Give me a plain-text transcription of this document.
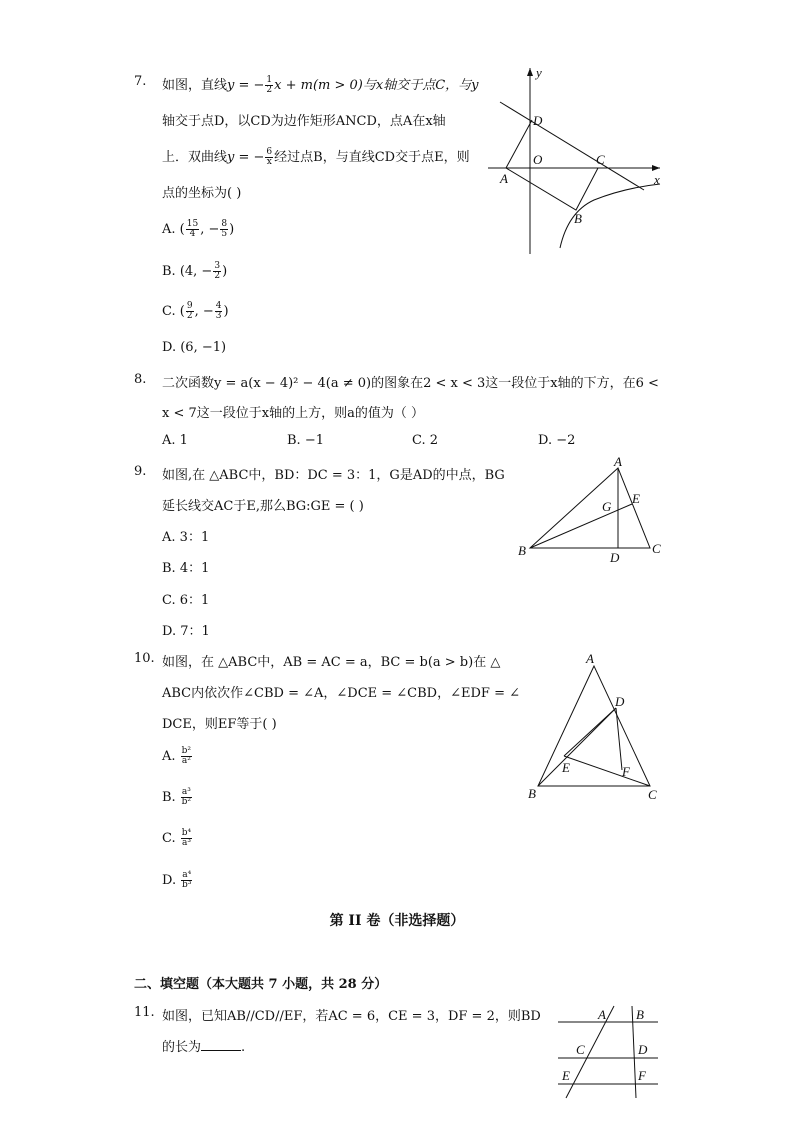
7. 如图，直线y = − $\frac{1}{2}$ x + m(m > 0)与x轴交于点C，与y
轴交于点D，以CD为边作矩形ANCD，点A在x轴
上．双曲线y = − $\frac{6}{x}$ 经过点B，与直线CD交于点E，则
点的坐标为( )
A. ( $\frac{15}{4}$ , − $\frac{8}{5}$ )
B. (4, − $\frac{3}{2}$ )
C. ( $\frac{9}{2}$ , − $\frac{4}{3}$ )
D. (6, −1)
y
x
D
O	C
A
B
8. 二次函数y = a(x − 4)² − 4(a ≠ 0)的图象在2 < x < 3这一段位于x轴的下方，在6 <
x < 7这一段位于x轴的上方，则a的值为（ ）
A. 1	B. −1	C. 2	D. −2
9. 如图,在 △ABC中，BD：DC = 3：1，G是AD的中点，BG
延长线交AC于E,那么BG:GE = ( )
A. 3：1
B. 4：1
C. 6：1
D. 7：1
A
E
G
B	D
C
10. 如图，在 △ABC中，AB = AC = a，BC = b(a > b)在 △
ABC内依次作∠CBD = ∠A，∠DCE = ∠CBD，∠EDF = ∠
DCE，则EF等于( )
A. $\frac{\text{b²}}{\text{a²}}$
B. $\frac{\text{a³}}{\text{b²}}$
C. $\frac{\text{b⁴}}{\text{a³}}$
D. $\frac{\text{a⁴}}{\text{b³}}$
A
D
E	F
B	C
第 II 卷（非选择题）
二、填空题（本大题共 7 小题，共 28 分）
11. 如图，已知AB//CD//EF，若AC = 6，CE = 3，DF = 2，则BD
的长为	.
A B
C	D
E	F
